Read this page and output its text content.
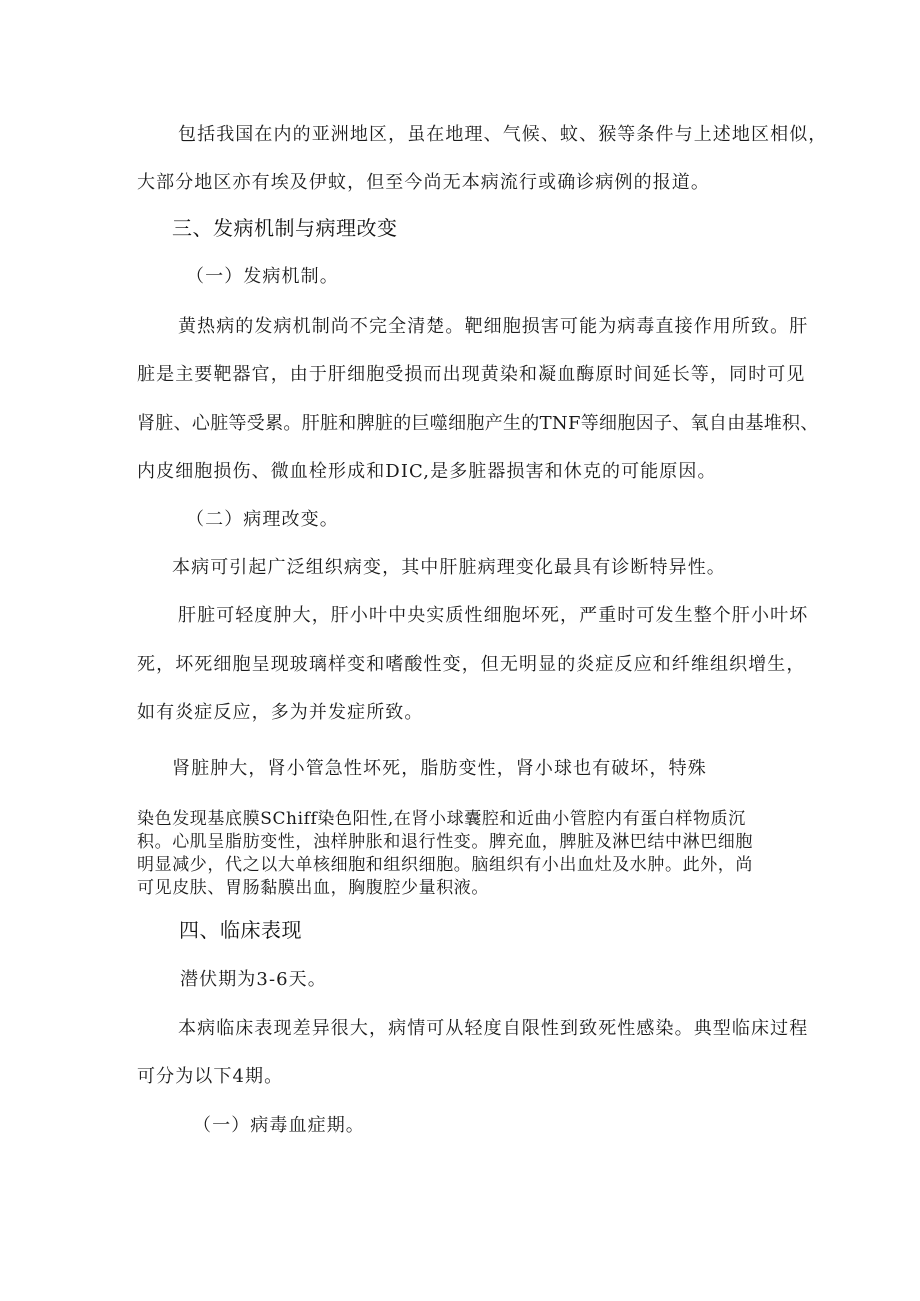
包括我国在内的亚洲地区，虽在地理、气候、蚊、猴等条件与上述地区相似，
大部分地区亦有埃及伊蚊，但至今尚无本病流行或确诊病例的报道。
三、发病机制与病理改变
（一）发病机制。
黄热病的发病机制尚不完全清楚。靶细胞损害可能为病毒直接作用所致。肝
脏是主要靶器官，由于肝细胞受损而出现黄染和凝血酶原时间延长等，同时可见
肾脏、心脏等受累。肝脏和脾脏的巨噬细胞产生的TNF等细胞因子、氧自由基堆积、
内皮细胞损伤、微血栓形成和DIC,是多脏器损害和休克的可能原因。
（二）病理改变。
本病可引起广泛组织病变，其中肝脏病理变化最具有诊断特异性。
肝脏可轻度肿大，肝小叶中央实质性细胞坏死，严重时可发生整个肝小叶坏
死，坏死细胞呈现玻璃样变和嗜酸性变，但无明显的炎症反应和纤维组织增生，
如有炎症反应，多为并发症所致。
肾脏肿大，肾小管急性坏死，脂肪变性，肾小球也有破坏，特殊
染色发现基底膜SChiff染色阳性,在肾小球囊腔和近曲小管腔内有蛋白样物质沉
积。心肌呈脂肪变性，浊样肿胀和退行性变。脾充血，脾脏及淋巴结中淋巴细胞
明显减少，代之以大单核细胞和组织细胞。脑组织有小出血灶及水肿。此外，尚
可见皮肤、胃肠黏膜出血，胸腹腔少量积液。
四、临床表现
潜伏期为3-6天。
本病临床表现差异很大，病情可从轻度自限性到致死性感染。典型临床过程
可分为以下4期。
（一）病毒血症期。
